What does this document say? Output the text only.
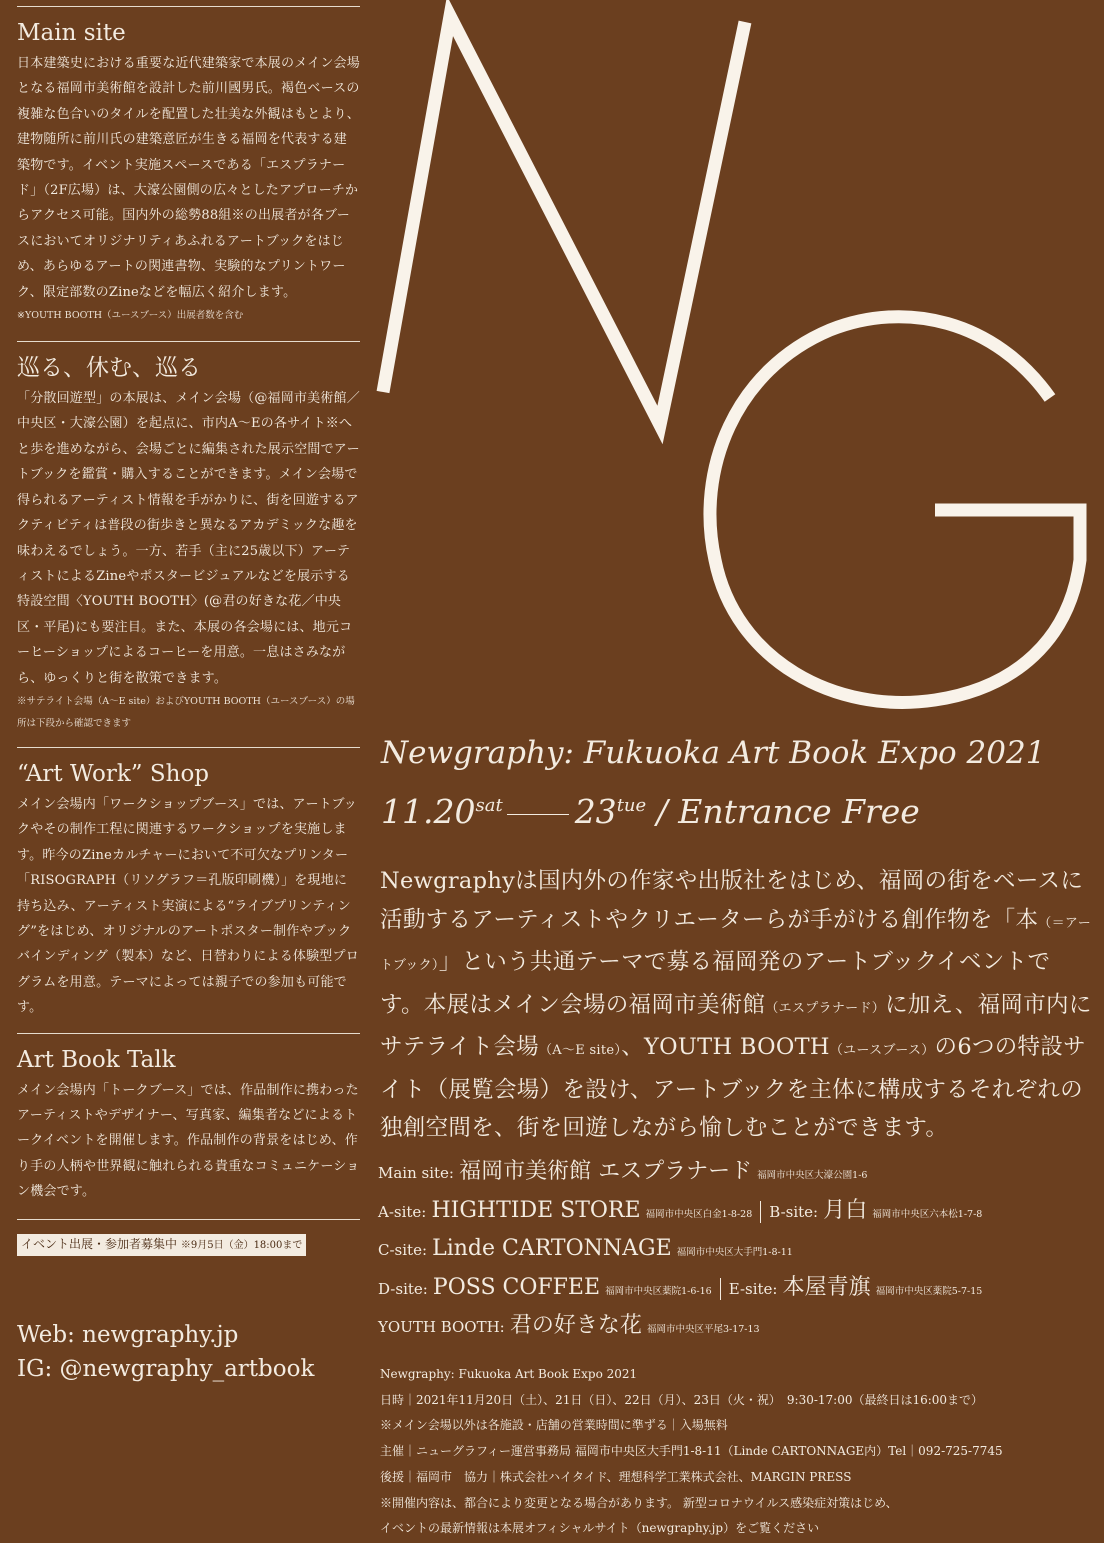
Main site
日本建築史における重要な近代建築家で本展のメイン会場となる福岡市美術館を設計した前川國男氏。褐色ベースの複雑な色合いのタイルを配置した壮美な外観はもとより、建物随所に前川氏の建築意匠が生きる福岡を代表する建築物です。イベント実施スペースである「エスプラナード」（2F広場）は、大濠公園側の広々としたアプローチからアクセス可能。国内外の総勢88組※の出展者が各ブースにおいてオリジナリティあふれるアートブックをはじめ、あらゆるアートの関連書物、実験的なプリントワーク、限定部数のZineなどを幅広く紹介します。
※YOUTH BOOTH（ユースブース）出展者数を含む
巡る、休む、巡る
「分散回遊型」の本展は、メイン会場（@福岡市美術館／中央区・大濠公園）を起点に、市内A〜Eの各サイト※へと歩を進めながら、会場ごとに編集された展示空間でアートブックを鑑賞・購入することができます。メイン会場で得られるアーティスト情報を手がかりに、街を回遊するアクティビティは普段の街歩きと異なるアカデミックな趣を味わえるでしょう。一方、若手（主に25歳以下）アーティストによるZineやポスタービジュアルなどを展示する特設空間〈YOUTH BOOTH〉(@君の好きな花／中央区・平尾)にも要注目。また、本展の各会場には、地元コーヒーショップによるコーヒーを用意。一息はさみながら、ゆっくりと街を散策できます。
※サテライト会場（A〜E site）およびYOUTH BOOTH（ユースブース）の場所は下段から確認できます
“Art Work” Shop
メイン会場内「ワークショップブース」では、アートブックやその制作工程に関連するワークショップを実施します。昨今のZineカルチャーにおいて不可欠なプリンター「RISOGRAPH（リソグラフ＝孔版印刷機）」を現地に持ち込み、アーティスト実演による“ライブプリンティング”をはじめ、オリジナルのアートポスター制作やブックバインディング（製本）など、日替わりによる体験型プログラムを用意。テーマによっては親子での参加も可能です。
Art Book Talk
メイン会場内「トークブース」では、作品制作に携わったアーティストやデザイナー、写真家、編集者などによるトークイベントを開催します。作品制作の背景をはじめ、作り手の人柄や世界観に触れられる貴重なコミュニケーション機会です。
イベント出展・参加者募集中 ※9月5日（金）18:00まで
Web: newgraphy.jp
IG: @newgraphy_artbook
Newgraphy: Fukuoka Art Book Expo 2021
$11.20^{sat}$ $23^{tue}$ / Entrance Free
Newgraphyは国内外の作家や出版社をはじめ、福岡の街をベースに活動するアーティストやクリエーターらが手がける創作物を「本（＝アートブック）」という共通テーマで募る福岡発のアートブックイベントです。本展はメイン会場の福岡市美術館（エスプラナード）に加え、福岡市内にサテライト会場（A〜E site）、YOUTH BOOTH（ユースブース）の6つの特設サイト（展覧会場）を設け、アートブックを主体に構成するそれぞれの独創空間を、街を回遊しながら愉しむことができます。
Main site: 福岡市美術館 エスプラナード 福岡市中央区大濠公園1-6
A-site: HIGHTIDE STORE 福岡市中央区白金1-8-28 B-site: 月白 福岡市中央区六本松1-7-8
C-site: Linde CARTONNAGE 福岡市中央区大手門1-8-11
D-site: POSS COFFEE 福岡市中央区薬院1-6-16 E-site: 本屋青旗 福岡市中央区薬院5-7-15
YOUTH BOOTH: 君の好きな花 福岡市中央区平尾3-17-13
Newgraphy: Fukuoka Art Book Expo 2021
日時｜2021年11月20日（土）、21日（日）、22日（月）、23日（火・祝）　9:30-17:00（最終日は16:00まで）
※メイン会場以外は各施設・店舗の営業時間に準ずる｜入場無料
主催｜ニューグラフィー運営事務局 福岡市中央区大手門1-8-11（Linde CARTONNAGE内）Tel｜092-725-7745
後援｜福岡市　協力｜株式会社ハイタイド、理想科学工業株式会社、MARGIN PRESS
※開催内容は、都合により変更となる場合があります。 新型コロナウイルス感染症対策はじめ、
イベントの最新情報は本展オフィシャルサイト（newgraphy.jp）をご覧ください
